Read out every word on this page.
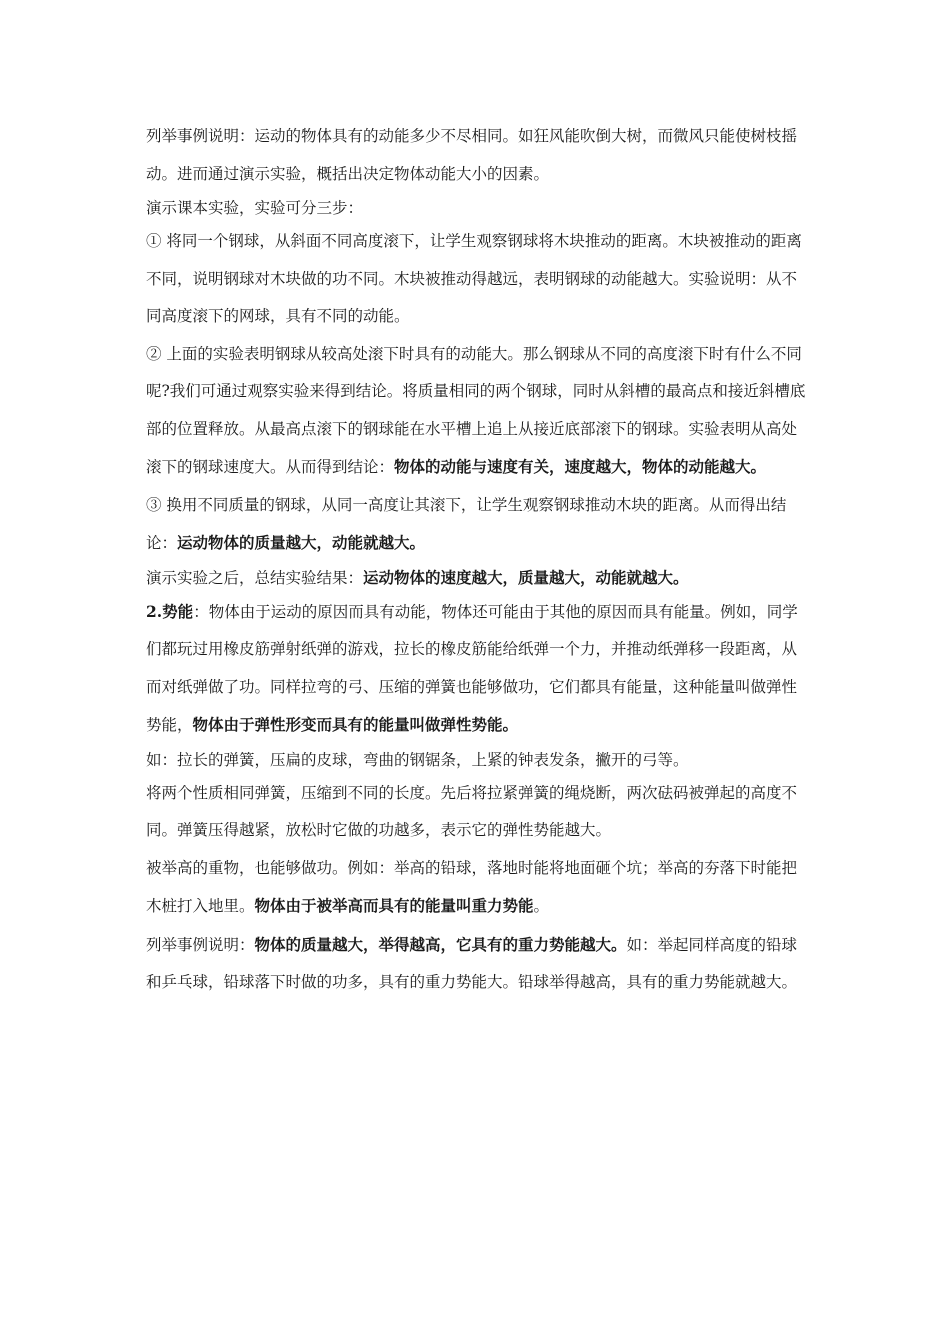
列举事例说明：运动的物体具有的动能多少不尽相同。如狂风能吹倒大树，而微风只能使树枝摇动。进而通过演示实验，概括出决定物体动能大小的因素。

演示课本实验，实验可分三步：

① 将同一个钢球，从斜面不同高度滚下，让学生观察钢球将木块推动的距离。木块被推动的距离不同，说明钢球对木块做的功不同。木块被推动得越远，表明钢球的动能越大。实验说明：从不同高度滚下的网球，具有不同的动能。

② 上面的实验表明钢球从较高处滚下时具有的动能大。那么钢球从不同的高度滚下时有什么不同呢?我们可通过观察实验来得到结论。将质量相同的两个钢球，同时从斜槽的最高点和接近斜槽底部的位置释放。从最高点滚下的钢球能在水平槽上追上从接近底部滚下的钢球。实验表明从高处滚下的钢球速度大。从而得到结论：物体的动能与速度有关，速度越大，物体的动能越大。

③ 换用不同质量的钢球，从同一高度让其滚下，让学生观察钢球推动木块的距离。从而得出结论：运动物体的质量越大，动能就越大。

演示实验之后，总结实验结果：运动物体的速度越大，质量越大，动能就越大。

2.势能：物体由于运动的原因而具有动能，物体还可能由于其他的原因而具有能量。例如，同学们都玩过用橡皮筋弹射纸弹的游戏，拉长的橡皮筋能给纸弹一个力，并推动纸弹移一段距离，从而对纸弹做了功。同样拉弯的弓、压缩的弹簧也能够做功，它们都具有能量，这种能量叫做弹性势能，物体由于弹性形变而具有的能量叫做弹性势能。

如：拉长的弹簧，压扁的皮球，弯曲的钢锯条，上紧的钟表发条，撇开的弓等。

将两个性质相同弹簧，压缩到不同的长度。先后将拉紧弹簧的绳烧断，两次砝码被弹起的高度不同。弹簧压得越紧，放松时它做的功越多，表示它的弹性势能越大。

被举高的重物，也能够做功。例如：举高的铅球，落地时能将地面砸个坑；举高的夯落下时能把木桩打入地里。物体由于被举高而具有的能量叫重力势能。

列举事例说明：物体的质量越大，举得越高，它具有的重力势能越大。如：举起同样高度的铅球和乒乓球，铅球落下时做的功多，具有的重力势能大。铅球举得越高，具有的重力势能就越大。
